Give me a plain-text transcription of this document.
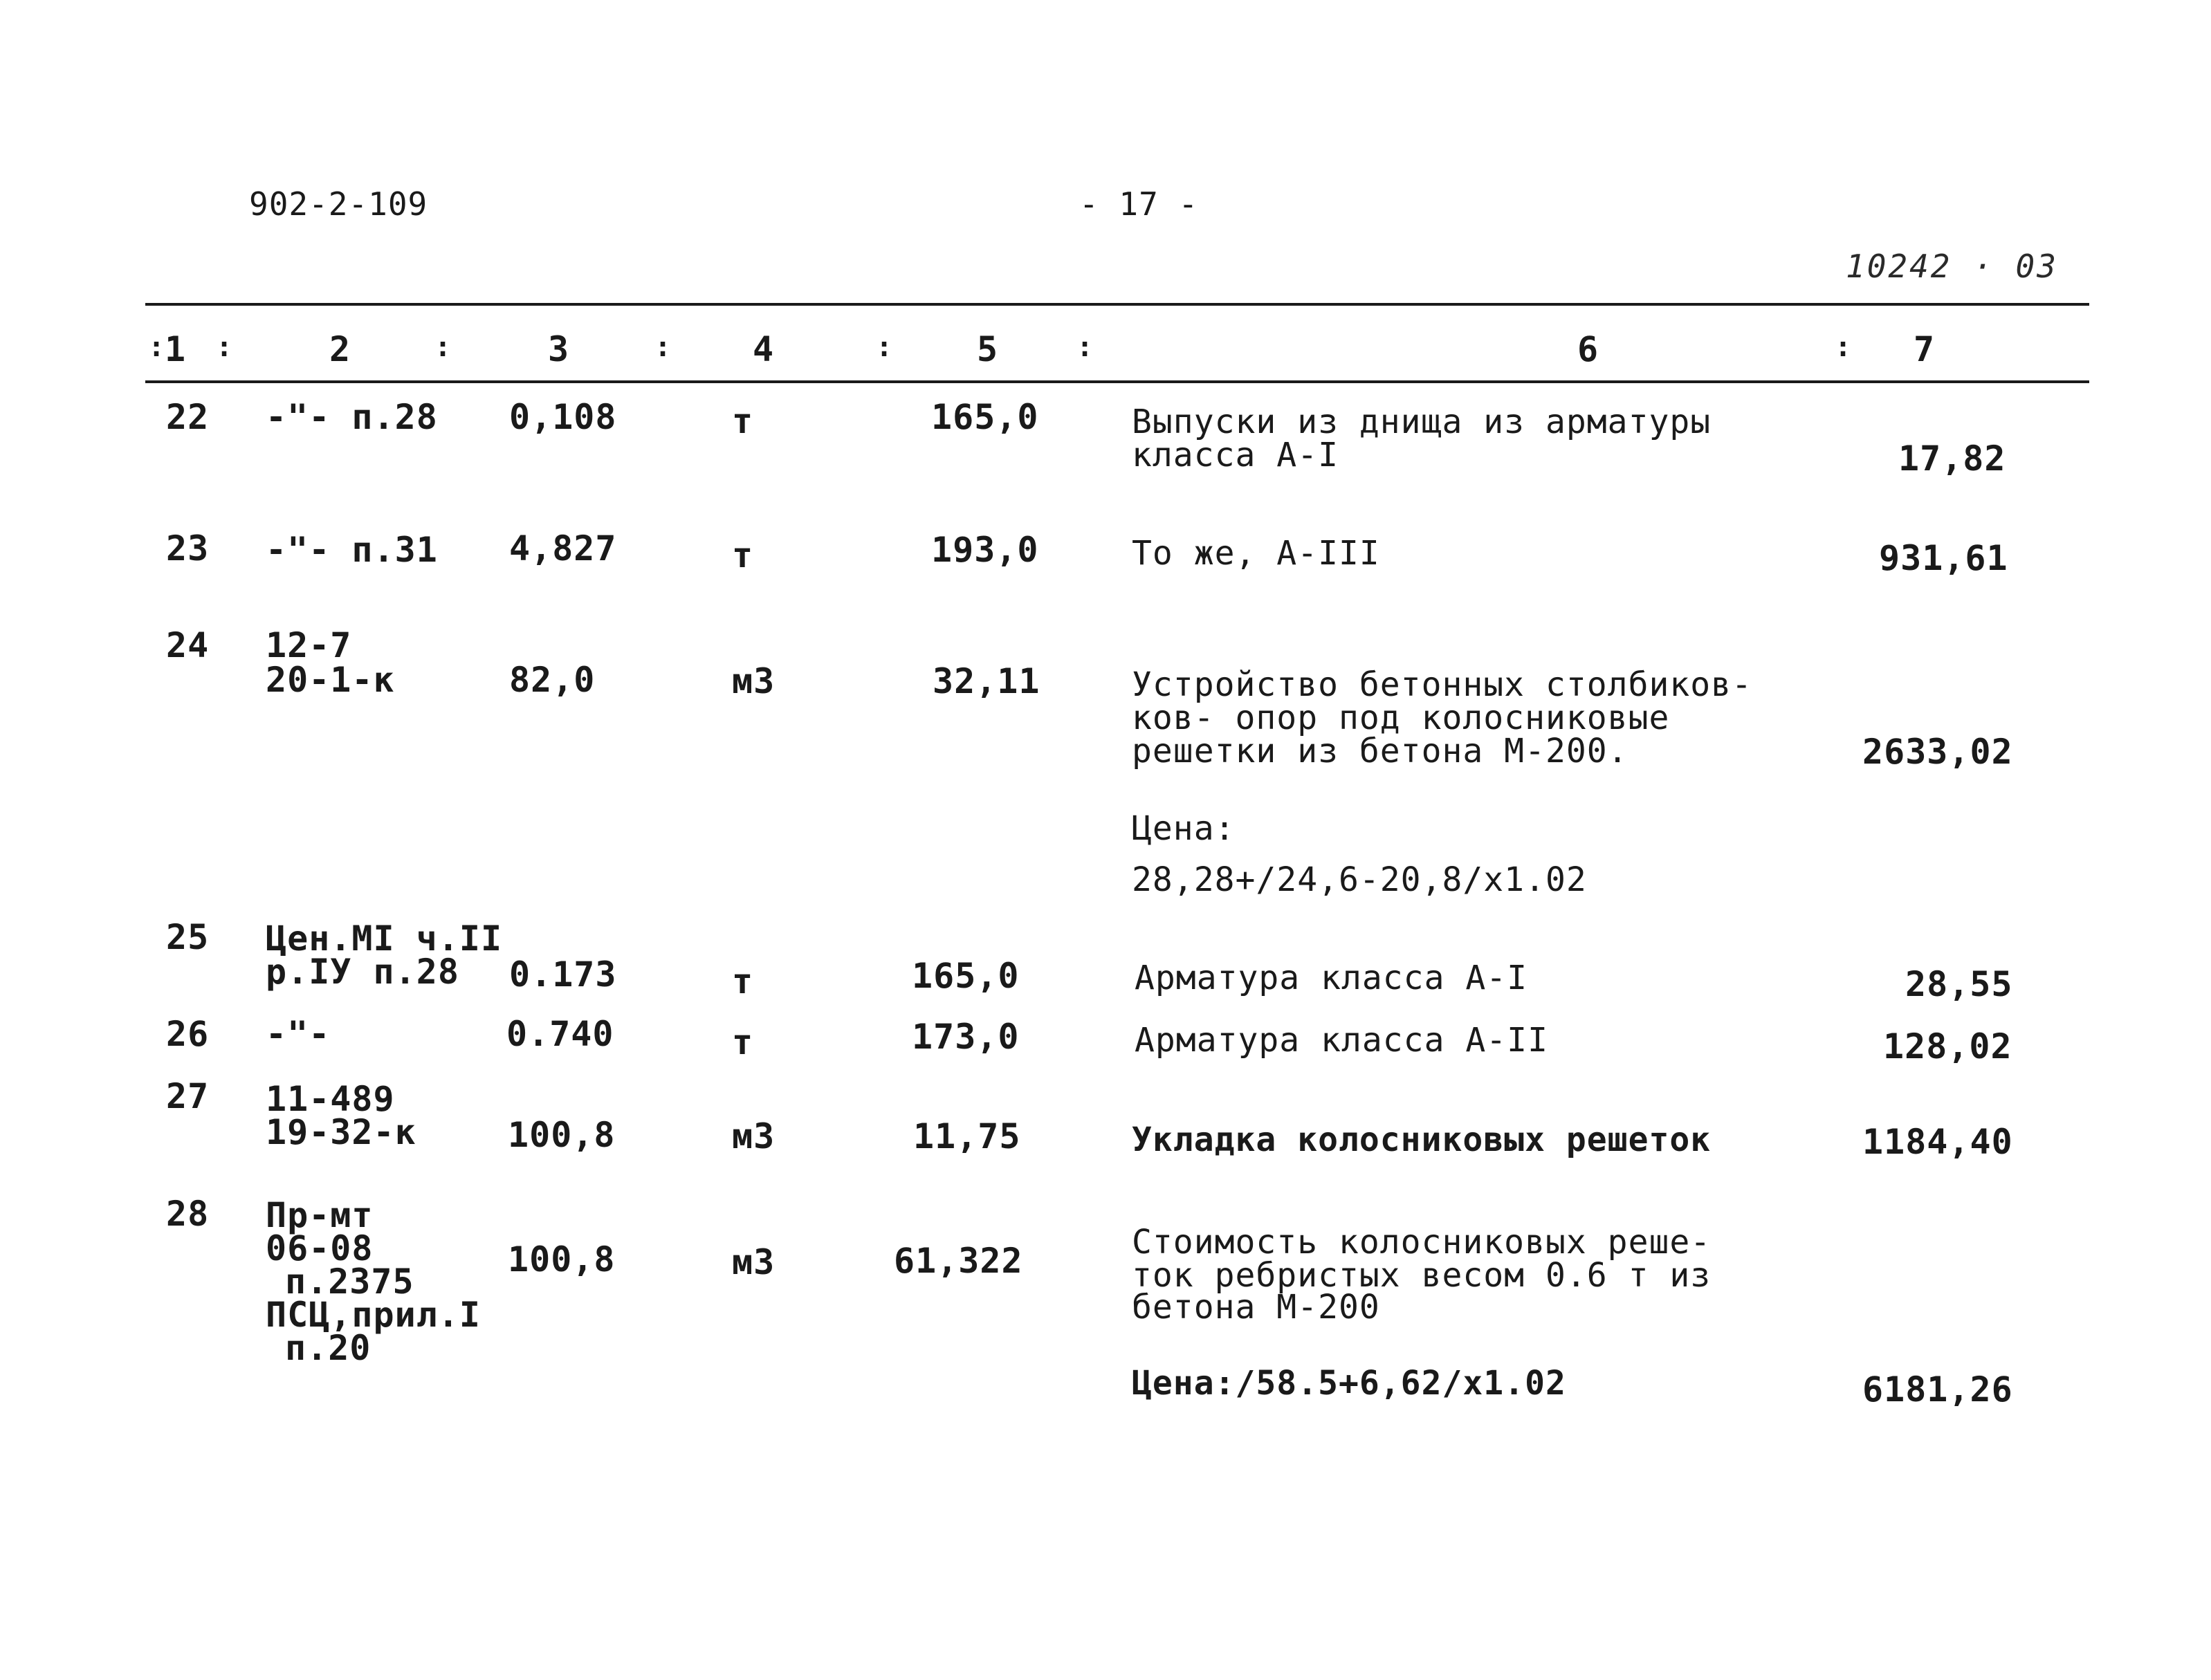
902-2-109	- 17 -
10242 · 03
:
1 :	2	:	3	: 4	: 5	:	6	: 7
22 -"- п.28 0,108	т	165,0	Выпуски из днища из арматуры
класса А-I	17,82
23 -"- п.31 4,827	т	193,0	То же, А-III	931,61
24 12-7
20-1-к	82,0	м3	32,11	Устройство бетонных столбиков-
ков- опор под колосниковые
решетки из бетона М-200.	2633,02
Цена:
28,28+/24,6-20,8/х1.02
25 Цен.МI ч.II
р.IУ п.28 0.173	т	165,0	Арматура класса А-I	28,55
26 -"-	0.740	т	173,0	Арматура класса А-II	128,02
27 11-489
19-32-к	100,8	м3	11,75	Укладка колосниковых решеток	1184,40
28 Пр-мт
06-08
п.2375
ПСЦ,прил.I
п.20
100,8	м3	61,322	Стоимость колосниковых реше-
ток ребристых весом 0.6 т из
бетона М-200
Цена:/58.5+6,62/х1.02	6181,26
